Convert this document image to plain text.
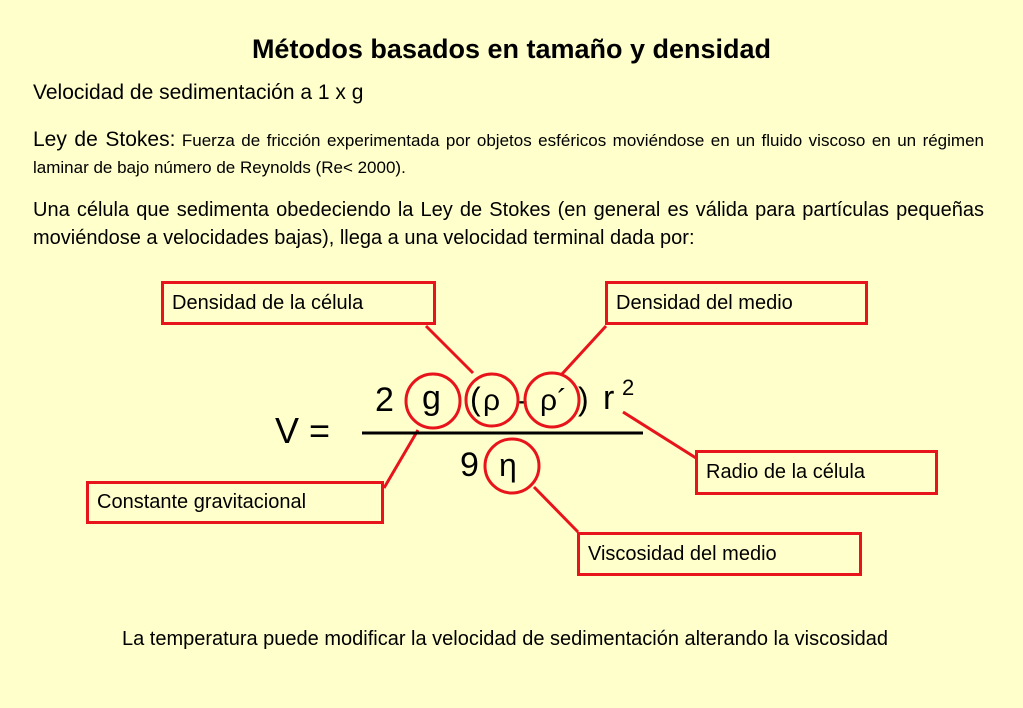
Métodos basados en tamaño y densidad
Velocidad de sedimentación a 1 x g
Ley de Stokes: Fuerza de fricción experimentada por objetos esféricos moviéndose en un fluido viscoso en un régimen laminar de bajo número de Reynolds (Re< 2000).
Una célula que sedimenta obedeciendo la Ley de Stokes (en general es válida para partículas pequeñas moviéndose a velocidades bajas), llega a una velocidad terminal dada por:
V =
2 g ( ρ - ρ´ ) r 2
9 η
Densidad de la célula	Densidad del medio
Radio de la célula
Constante gravitacional
Viscosidad del medio
La temperatura puede modificar la velocidad de sedimentación alterando la viscosidad
